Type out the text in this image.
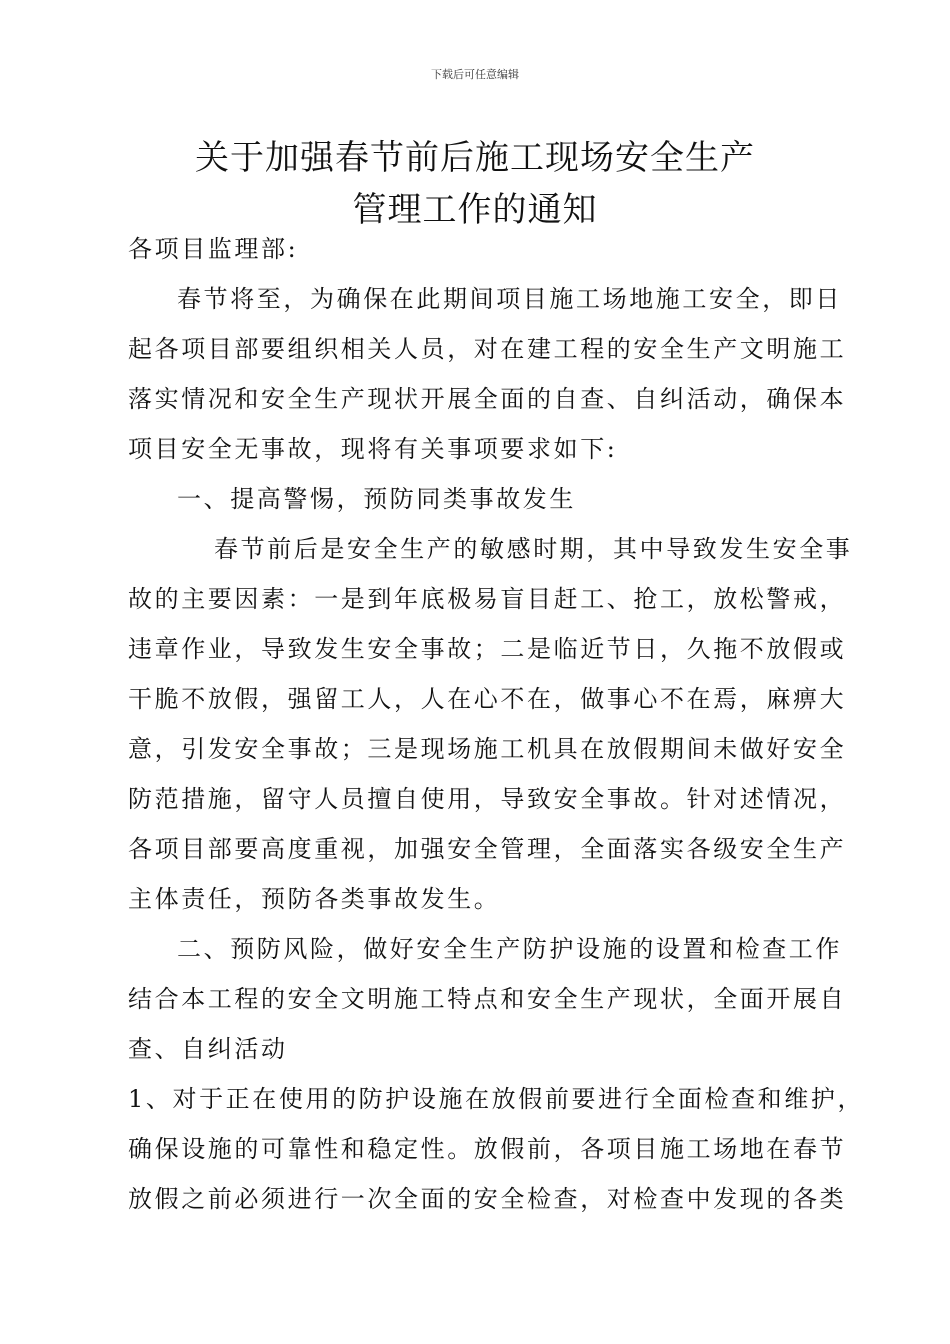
下载后可任意编辑
关于加强春节前后施工现场安全生产
管理工作的通知
各项目监理部:
春节将至，为确保在此期间项目施工场地施工安全，即日
起各项目部要组织相关人员，对在建工程的安全生产文明施工
落实情况和安全生产现状开展全面的自查、自纠活动，确保本
项目安全无事故，现将有关事项要求如下:
一、提高警惕，预防同类事故发生
春节前后是安全生产的敏感时期，其中导致发生安全事
故的主要因素：一是到年底极易盲目赶工、抢工，放松警戒，
违章作业，导致发生安全事故；二是临近节日，久拖不放假或
干脆不放假，强留工人，人在心不在，做事心不在焉，麻痹大
意，引发安全事故；三是现场施工机具在放假期间未做好安全
防范措施，留守人员擅自使用，导致安全事故。针对述情况，
各项目部要高度重视，加强安全管理，全面落实各级安全生产
主体责任，预防各类事故发生。
二、预防风险，做好安全生产防护设施的设置和检查工作
结合本工程的安全文明施工特点和安全生产现状，全面开展自
查、自纠活动
1、对于正在使用的防护设施在放假前要进行全面检查和维护，
确保设施的可靠性和稳定性。放假前，各项目施工场地在春节
放假之前必须进行一次全面的安全检查，对检查中发现的各类
